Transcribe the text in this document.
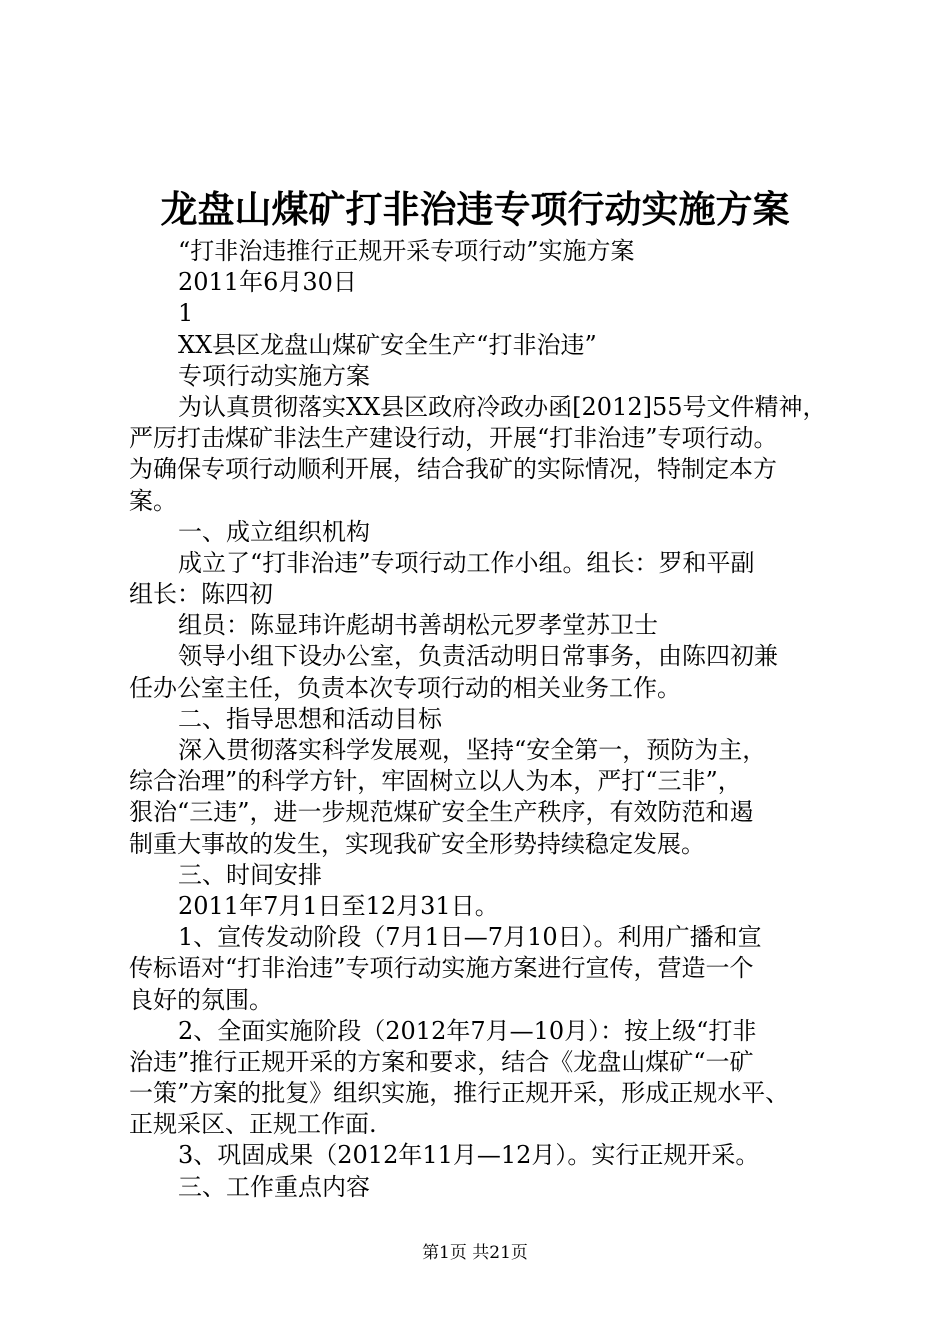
龙盘山煤矿打非治违专项行动实施方案
“打非治违推行正规开采专项行动”实施方案
2011年6月30日
1
XX县区龙盘山煤矿安全生产“打非治违”
专项行动实施方案
为认真贯彻落实XX县区政府冷政办函[2012]55号文件精神，
严厉打击煤矿非法生产建设行动，开展“打非治违”专项行动。
为确保专项行动顺利开展，结合我矿的实际情况，特制定本方
案。
一、成立组织机构
成立了“打非治违”专项行动工作小组。组长：罗和平副
组长：陈四初
组员：陈显玮许彪胡书善胡松元罗孝堂苏卫士
领导小组下设办公室，负责活动明日常事务，由陈四初兼
任办公室主任，负责本次专项行动的相关业务工作。
二、指导思想和活动目标
深入贯彻落实科学发展观，坚持“安全第一，预防为主，
综合治理”的科学方针，牢固树立以人为本，严打“三非”，
狠治“三违”，进一步规范煤矿安全生产秩序，有效防范和遏
制重大事故的发生，实现我矿安全形势持续稳定发展。
三、时间安排
2011年7月1日至12月31日。
1、宣传发动阶段（7月1日—7月10日）。利用广播和宣
传标语对“打非治违”专项行动实施方案进行宣传，营造一个
良好的氛围。
2、全面实施阶段（2012年7月—10月）：按上级“打非
治违”推行正规开采的方案和要求，结合《龙盘山煤矿“一矿
一策”方案的批复》组织实施，推行正规开采，形成正规水平、
正规采区、正规工作面.
3、巩固成果（2012年11月—12月）。实行正规开采。
三、工作重点内容
第1页 共21页
